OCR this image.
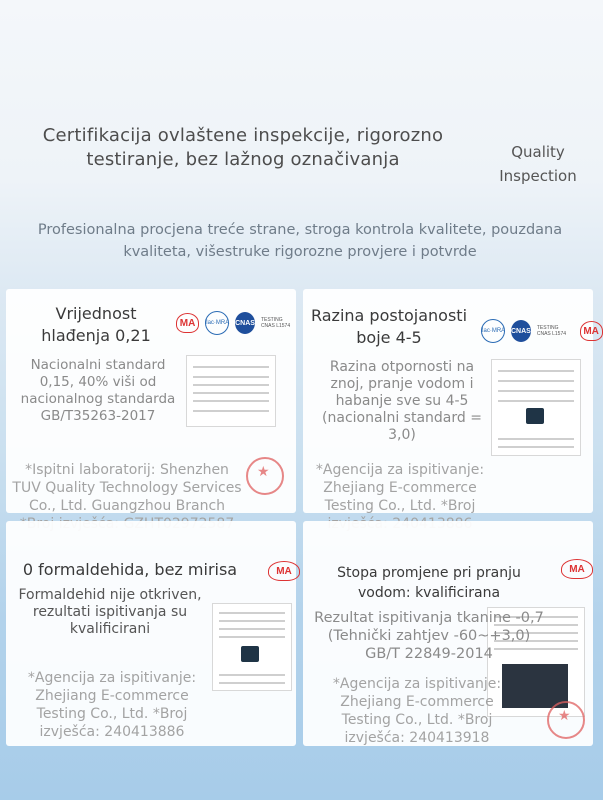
Certifikacija ovlaštene inspekcije, rigorozno testiranje, bez lažnog označivanja	Quality Inspection
Profesionalna procjena treće strane, stroga kontrola kvalitete, pouzdana kvaliteta, višestruke rigorozne provjere i potvrde
Vrijednost hlađenja 0,21
MA	ilac·MRA CNAS TESTING CNAS L1574
Nacionalni standard 0,15, 40% viši od nacionalnog standarda GB/T35263-2017
★
*Ispitni laboratorij: Shenzhen TUV Quality Technology Services Co., Ltd. Guangzhou Branch
Razina postojanosti boje 4-5	ilac·MRA CNAS TESTING CNAS L1574	MA
Razina otpornosti na znoj, pranje vodom i habanje sve su 4-5 (nacionalni standard = 3,0)
*Agencija za ispitivanje: Zhejiang E-commerce Testing Co., Ltd. *Broj
0 formaldehida, bez mirisa	MA
Formaldehid nije otkriven, rezultati ispitivanja su kvalificirani
*Agencija za ispitivanje: Zhejiang E-commerce Testing Co., Ltd. *Broj izvješća: 240413886
Stopa promjene pri pranju vodom: kvalificirana
MA
Rezultat ispitivanja tkanine -0,7 (Tehnički zahtjev -60~+3,0) GB/T 22849-2014
★
*Agencija za ispitivanje: Zhejiang E-commerce Testing Co., Ltd. *Broj izvješća: 240413918
